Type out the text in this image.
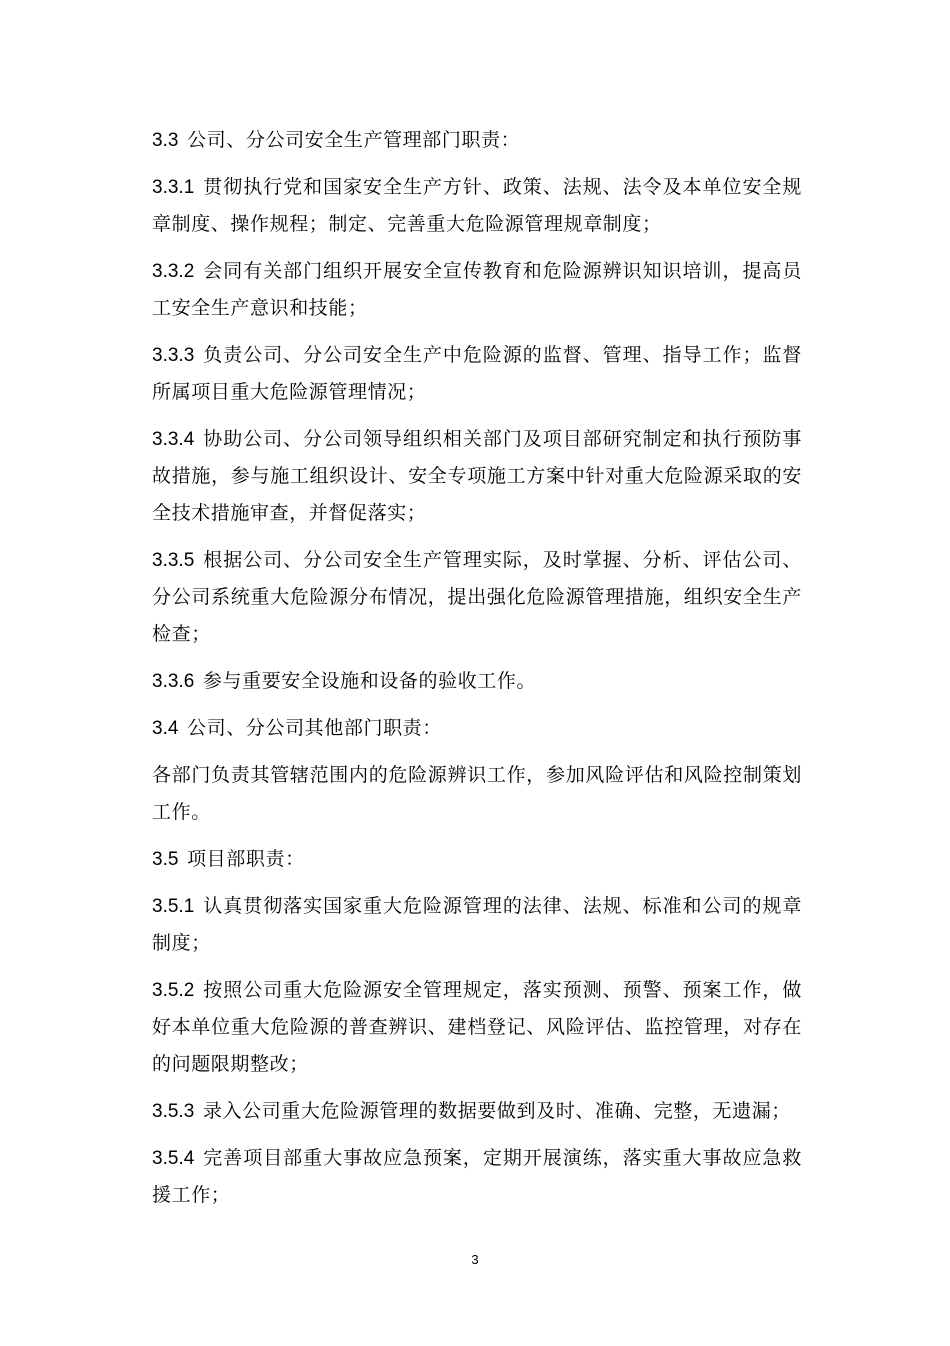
3.3 公司、分公司安全生产管理部门职责：

3.3.1 贯彻执行党和国家安全生产方针、政策、法规、法令及本单位安全规章制度、操作规程；制定、完善重大危险源管理规章制度；

3.3.2 会同有关部门组织开展安全宣传教育和危险源辨识知识培训，提高员工安全生产意识和技能；

3.3.3 负责公司、分公司安全生产中危险源的监督、管理、指导工作；监督所属项目重大危险源管理情况；

3.3.4 协助公司、分公司领导组织相关部门及项目部研究制定和执行预防事故措施，参与施工组织设计、安全专项施工方案中针对重大危险源采取的安全技术措施审查，并督促落实；

3.3.5 根据公司、分公司安全生产管理实际，及时掌握、分析、评估公司、分公司系统重大危险源分布情况，提出强化危险源管理措施，组织安全生产检查；

3.3.6 参与重要安全设施和设备的验收工作。

3.4 公司、分公司其他部门职责：

各部门负责其管辖范围内的危险源辨识工作，参加风险评估和风险控制策划工作。

3.5 项目部职责：

3.5.1 认真贯彻落实国家重大危险源管理的法律、法规、标准和公司的规章制度；

3.5.2 按照公司重大危险源安全管理规定，落实预测、预警、预案工作，做好本单位重大危险源的普查辨识、建档登记、风险评估、监控管理，对存在的问题限期整改；

3.5.3 录入公司重大危险源管理的数据要做到及时、准确、完整，无遗漏；

3.5.4 完善项目部重大事故应急预案，定期开展演练，落实重大事故应急救援工作；

3
